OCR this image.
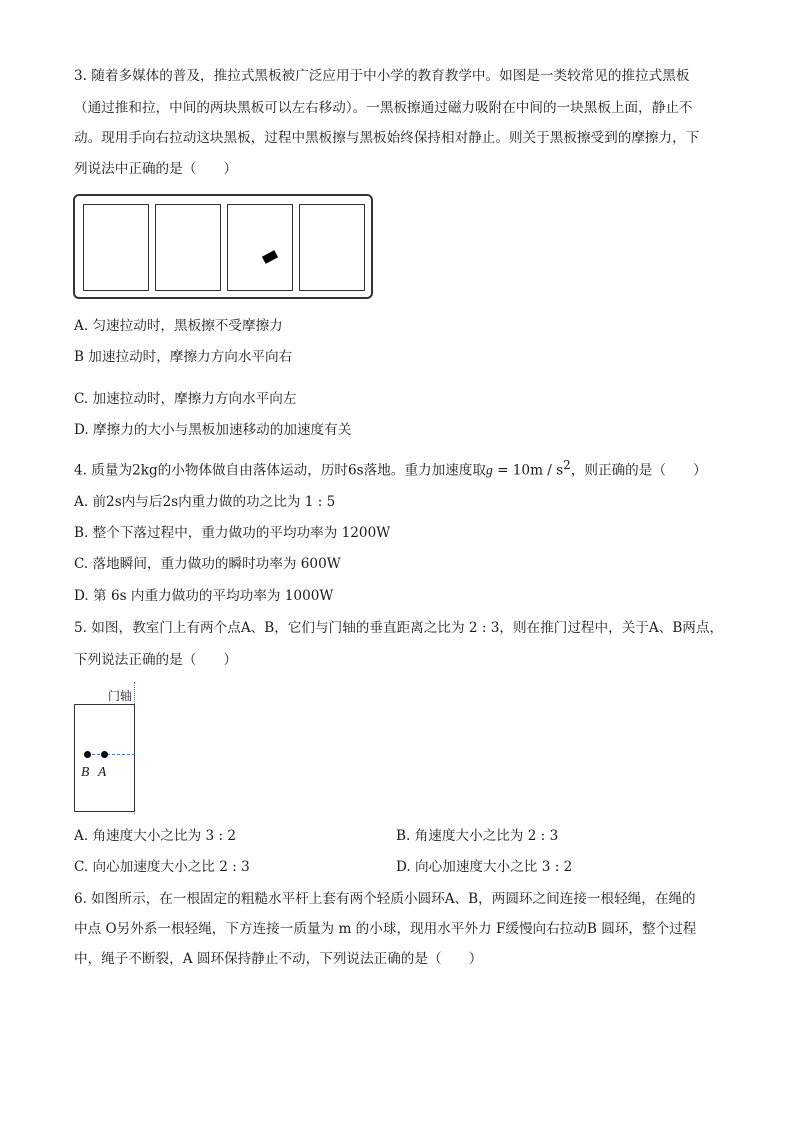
3. 随着多媒体的普及，推拉式黑板被广泛应用于中小学的教育教学中。如图是一类较常见的推拉式黑板
（通过推和拉，中间的两块黑板可以左右移动）。一黑板擦通过磁力吸附在中间的一块黑板上面，静止不
动。现用手向右拉动这块黑板，过程中黑板擦与黑板始终保持相对静止。则关于黑板擦受到的摩擦力，下
列说法中正确的是（　　）
A. 匀速拉动时，黑板擦不受摩擦力
B 加速拉动时，摩擦力方向水平向右
C. 加速拉动时，摩擦力方向水平向左
D. 摩擦力的大小与黑板加速移动的加速度有关
4. 质量为2kg的小物体做自由落体运动，历时6s落地。重力加速度取$g = 10m / s^2$，则正确的是（　　）
A. 前2s内与后2s内重力做的功之比为 1 : 5
B. 整个下落过程中，重力做功的平均功率为 1200W
C. 落地瞬间，重力做功的瞬时功率为 600W
D. 第 6s 内重力做功的平均功率为 1000W
5. 如图，教室门上有两个点A、B，它们与门轴的垂直距离之比为 2 : 3，则在推门过程中，关于A、B两点，
下列说法正确的是（　　）
门轴
B A
A. 角速度大小之比为 3 : 2	B. 角速度大小之比为 2 : 3
C. 向心加速度大小之比 2 : 3	D. 向心加速度大小之比 3 : 2
6. 如图所示，在一根固定的粗糙水平杆上套有两个轻质小圆环A、B，两圆环之间连接一根轻绳，在绳的
中点 O另外系一根轻绳，下方连接一质量为 m 的小球，现用水平外力 F缓慢向右拉动B 圆环，整个过程
中，绳子不断裂，A 圆环保持静止不动，下列说法正确的是（　　）
